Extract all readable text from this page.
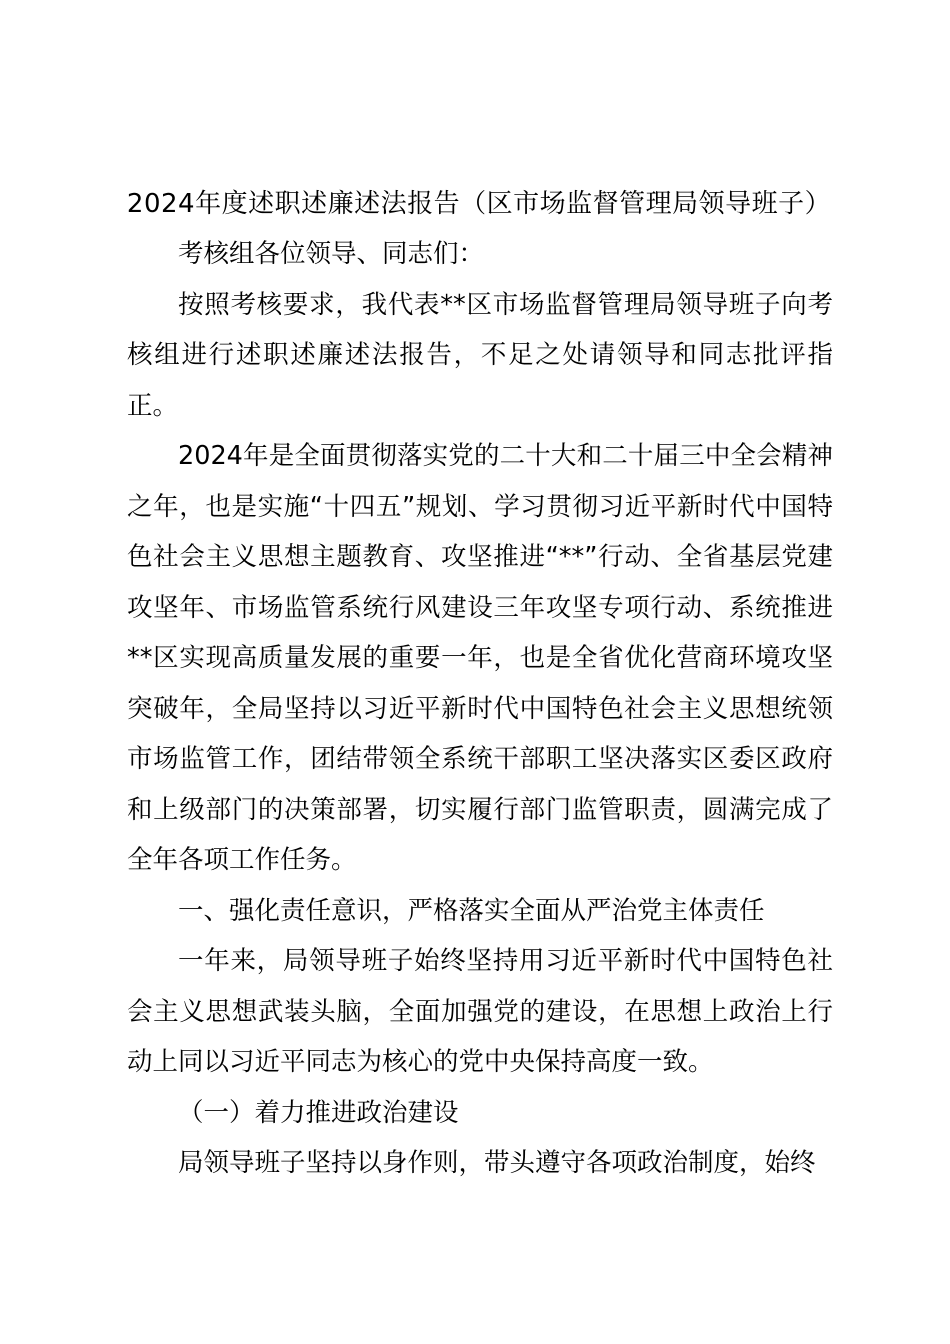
2024年度述职述廉述法报告（区市场监督管理局领导班子）

考核组各位领导、同志们：

按照考核要求，我代表**区市场监督管理局领导班子向考核组进行述职述廉述法报告，不足之处请领导和同志批评指正。

2024年是全面贯彻落实党的二十大和二十届三中全会精神之年，也是实施“十四五”规划、学习贯彻习近平新时代中国特色社会主义思想主题教育、攻坚推进“**”行动、全省基层党建攻坚年、市场监管系统行风建设三年攻坚专项行动、系统推进**区实现高质量发展的重要一年，也是全省优化营商环境攻坚突破年，全局坚持以习近平新时代中国特色社会主义思想统领市场监管工作，团结带领全系统干部职工坚决落实区委区政府和上级部门的决策部署，切实履行部门监管职责，圆满完成了全年各项工作任务。

一、强化责任意识，严格落实全面从严治党主体责任

一年来，局领导班子始终坚持用习近平新时代中国特色社会主义思想武装头脑，全面加强党的建设，在思想上政治上行动上同以习近平同志为核心的党中央保持高度一致。

（一）着力推进政治建设

局领导班子坚持以身作则，带头遵守各项政治制度，始终
